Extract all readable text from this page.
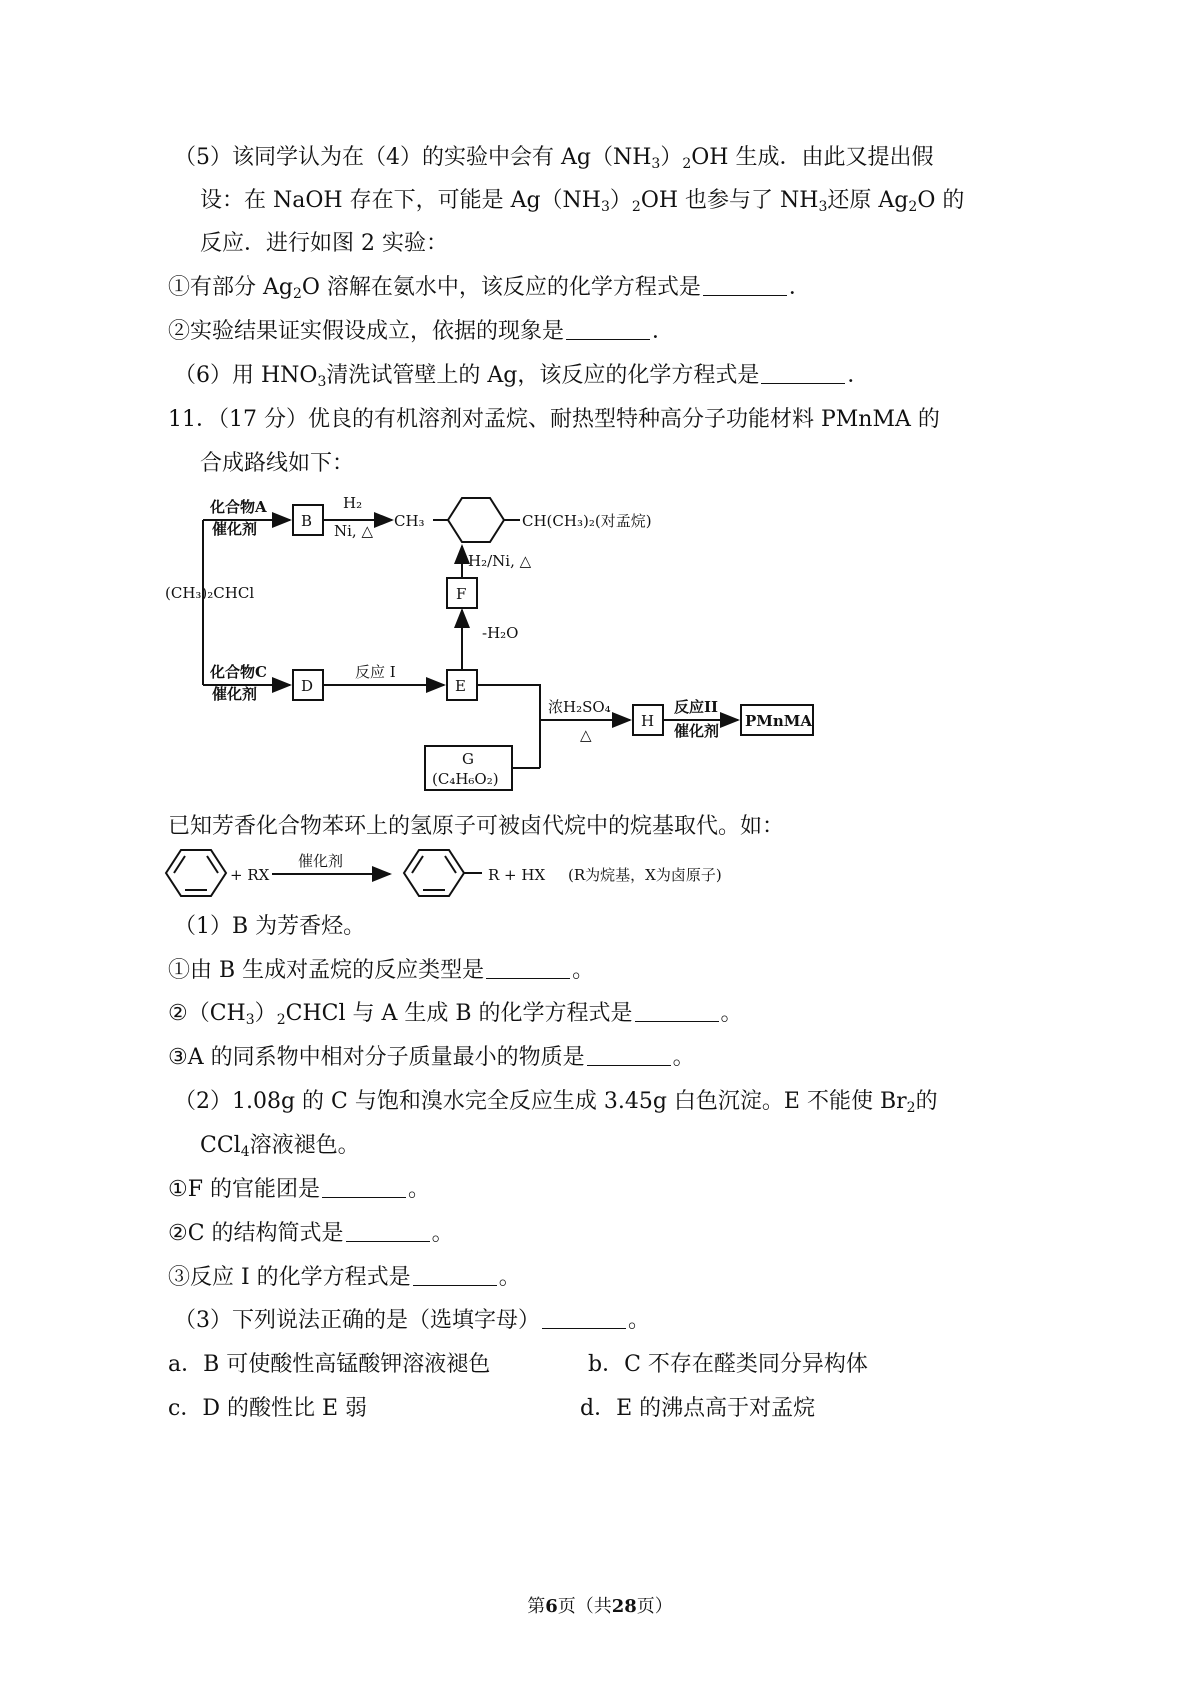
（5）该同学认为在（4）的实验中会有 $Ag(NH_3)_2OH$ 生成．由此又提出假
设：在 NaOH 存在下，可能是 $Ag(NH_3)_2OH$ 也参与了 $NH_3$还原 $Ag_2O$ 的
反应．进行如图 2 实验：
①有部分 $Ag_2O$ 溶解在氨水中，该反应的化学方程式是	．
②实验结果证实假设成立，依据的现象是	．
（6）用 $HNO_3$清洗试管壁上的 Ag，该反应的化学方程式是	．
11．（17 分）优良的有机溶剂对孟烷、耐热型特种高分子功能材料 PMnMA 的
合成路线如下：
(CH₃)₂CHCl
化合物A
催化剂
化合物C
催化剂
B
D	E
F
H	PMnMA
G
(C₄H₆O₂)
H₂
Ni, △
CH₃	CH(CH₃)₂(对孟烷)
H₂/Ni, △
-H₂O
反应 I
浓H₂SO₄
△
反应II
催化剂
+ RX
催化剂
R + HX (R为烷基，X为卤原子)
已知芳香化合物苯环上的氢原子可被卤代烷中的烷基取代。如：
（1）B 为芳香烃。
①由 B 生成对孟烷的反应类型是	。
$②(CH_3)_2CHCl$ 与 A 生成 B 的化学方程式是	。
③A 的同系物中相对分子质量最小的物质是	。
（2）1.08g 的 C 与饱和溴水完全反应生成 3.45g 白色沉淀。E 不能使 $Br_2$的
CCl$_4$溶液褪色。
①F 的官能团是	。
②C 的结构简式是	。
③反应 I 的化学方程式是	。
（3）下列说法正确的是（选填字母）	。
a．B 可使酸性高锰酸钾溶液褪色	b．C 不存在醛类同分异构体
c．D 的酸性比 E 弱	d．E 的沸点高于对孟烷
第6页（共28页）
